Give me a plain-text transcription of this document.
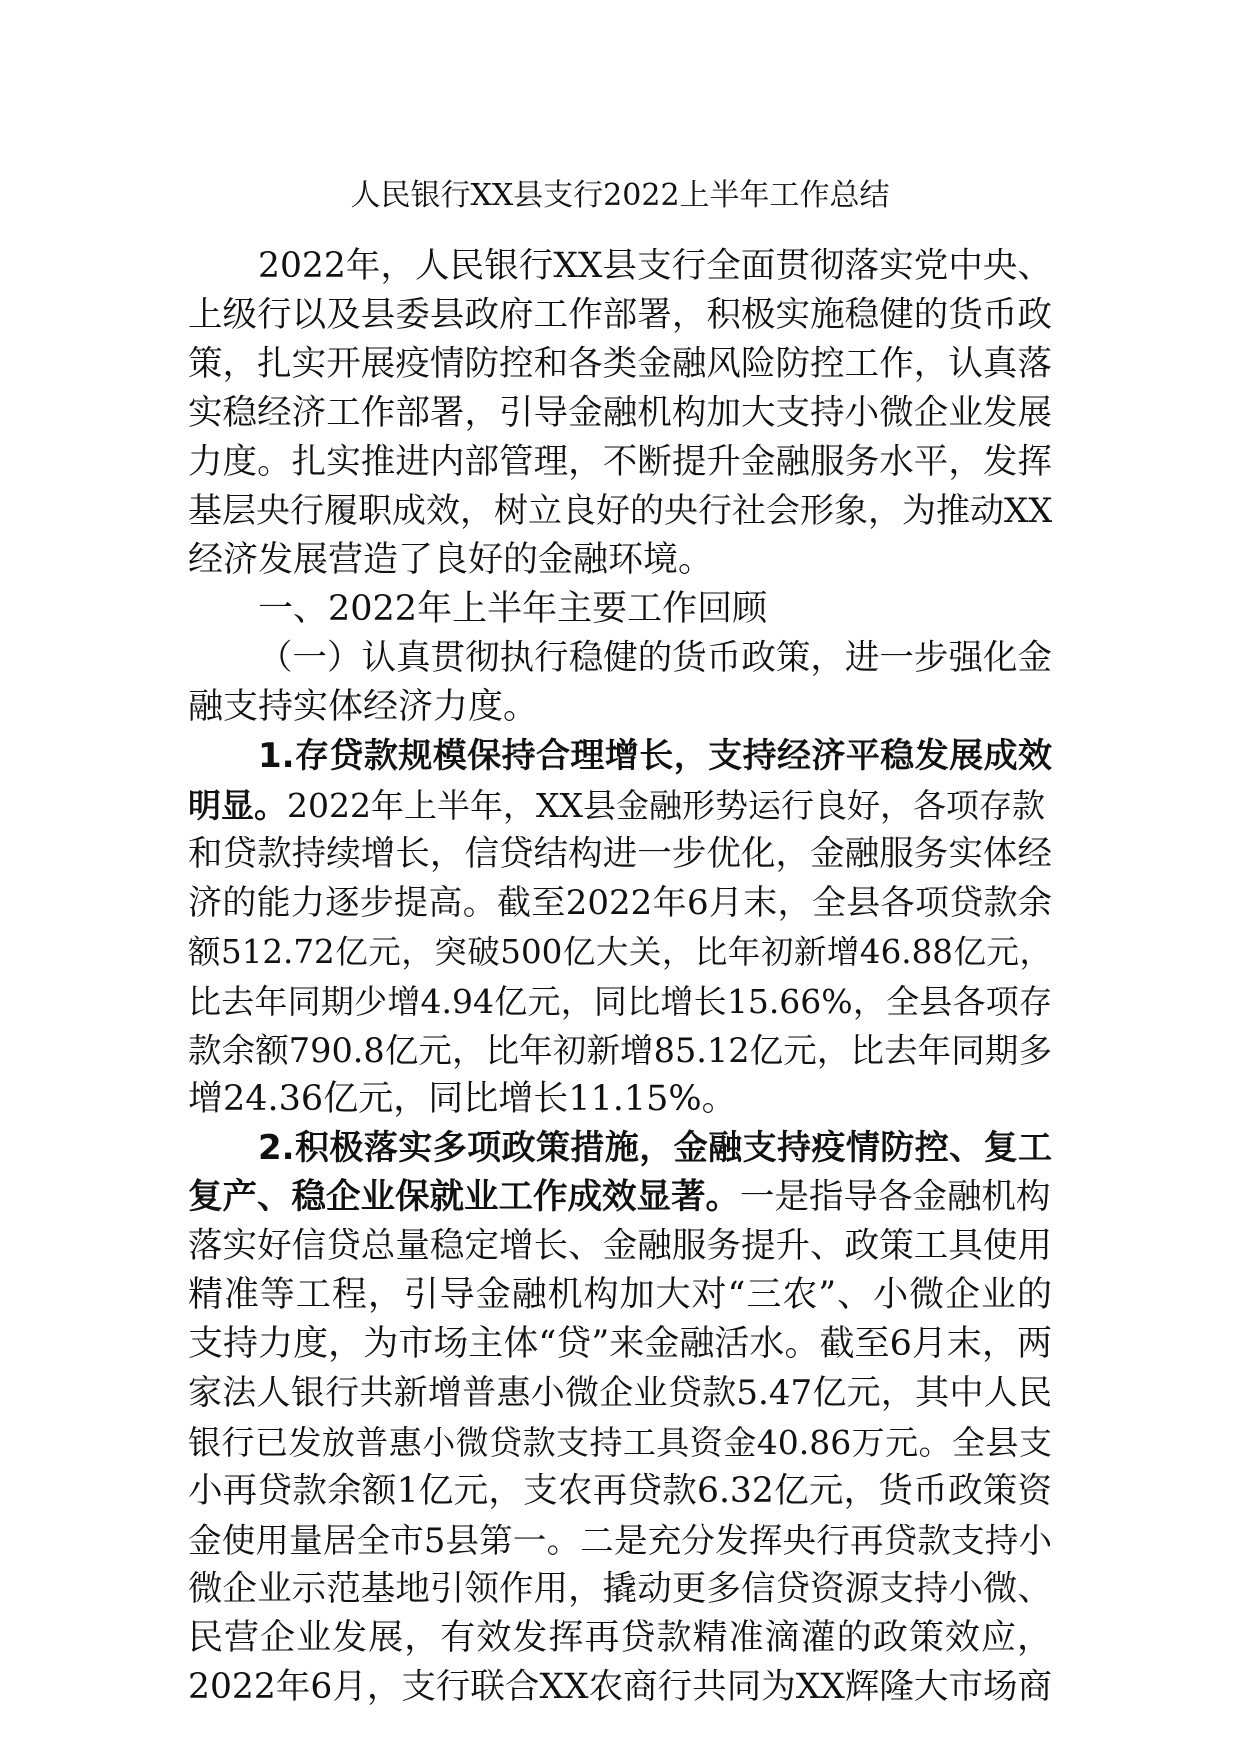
人民银行XX县支行2022上半年工作总结
2022年，人民银行XX县支行全面贯彻落实党中央、
上级行以及县委县政府工作部署，积极实施稳健的货币政
策，扎实开展疫情防控和各类金融风险防控工作，认真落
实稳经济工作部署，引导金融机构加大支持小微企业发展
力度。扎实推进内部管理，不断提升金融服务水平，发挥
基层央行履职成效，树立良好的央行社会形象，为推动XX
经济发展营造了良好的金融环境。
一、2022年上半年主要工作回顾
（一）认真贯彻执行稳健的货币政策，进一步强化金
融支持实体经济力度。
1.存贷款规模保持合理增长，支持经济平稳发展成效
明显。2022年上半年，XX县金融形势运行良好，各项存款
和贷款持续增长，信贷结构进一步优化，金融服务实体经
济的能力逐步提高。截至2022年6月末，全县各项贷款余
额512.72亿元，突破500亿大关，比年初新增46.88亿元，
比去年同期少增4.94亿元，同比增长15.66%，全县各项存
款余额790.8亿元，比年初新增85.12亿元，比去年同期多
增24.36亿元，同比增长11.15%。
2.积极落实多项政策措施，金融支持疫情防控、复工
复产、稳企业保就业工作成效显著。一是指导各金融机构
落实好信贷总量稳定增长、金融服务提升、政策工具使用
精准等工程，引导金融机构加大对“三农”、小微企业的
支持力度，为市场主体“贷”来金融活水。截至6月末，两
家法人银行共新增普惠小微企业贷款5.47亿元，其中人民
银行已发放普惠小微贷款支持工具资金40.86万元。全县支
小再贷款余额1亿元，支农再贷款6.32亿元，货币政策资
金使用量居全市5县第一。二是充分发挥央行再贷款支持小
微企业示范基地引领作用，撬动更多信贷资源支持小微、
民营企业发展，有效发挥再贷款精准滴灌的政策效应，
2022年6月，支行联合XX农商行共同为XX辉隆大市场商
